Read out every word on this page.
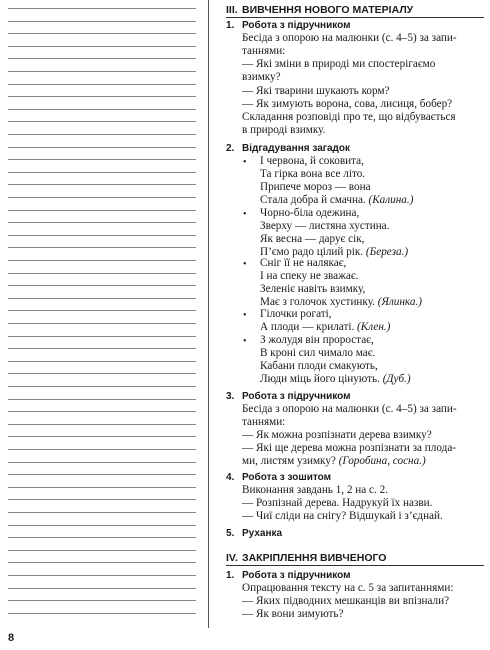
8
III. ВИВЧЕННЯ НОВОГО МАТЕРІАЛУ
1. Робота з підручником
Бесіда з опорою на малюнки (с. 4–5) за запи-
таннями:
— Які зміни в природі ми спостерігаємо
взимку?
— Які тварини шукають корм?
— Як зимують ворона, сова, лисиця, бобер?
Складання розповіді про те, що відбувається
в природі взимку.
2. Відгадування загадок
• І червона, й соковита,
Та гірка вона все літо.
Припече мороз — вона
Стала добра й смачна. (Калина.)
• Чорно-біла одежина,
Зверху — листяна хустина.
Як весна — дарує сік,
П’ємо радо цілий рік. (Береза.)
• Сніг її не налякає,
І на спеку не зважає.
Зеленіє навіть взимку,
Має з голочок хустинку. (Ялинка.)
• Гілочки рогаті,
А плоди — крилаті. (Клен.)
• З жолудя він проростає,
В кроні сил чимало має.
Кабани плоди смакують,
Люди міць його цінують. (Дуб.)
3. Робота з підручником
Бесіда з опорою на малюнки (с. 4–5) за запи-
таннями:
— Як можна розпізнати дерева взимку?
— Які ще дерева можна розпізнати за плода-
ми, листям узимку? (Горобина, сосна.)
4. Робота з зошитом
Виконання завдань 1, 2 на с. 2.
— Розпізнай дерева. Надрукуй їх назви.
— Чиї сліди на снігу? Відшукай і з’єднай.
5. Руханка
IV. ЗАКРІПЛЕННЯ ВИВЧЕНОГО
1. Робота з підручником
Опрацювання тексту на с. 5 за запитаннями:
— Яких підводних мешканців ви впізнали?
— Як вони зимують?
